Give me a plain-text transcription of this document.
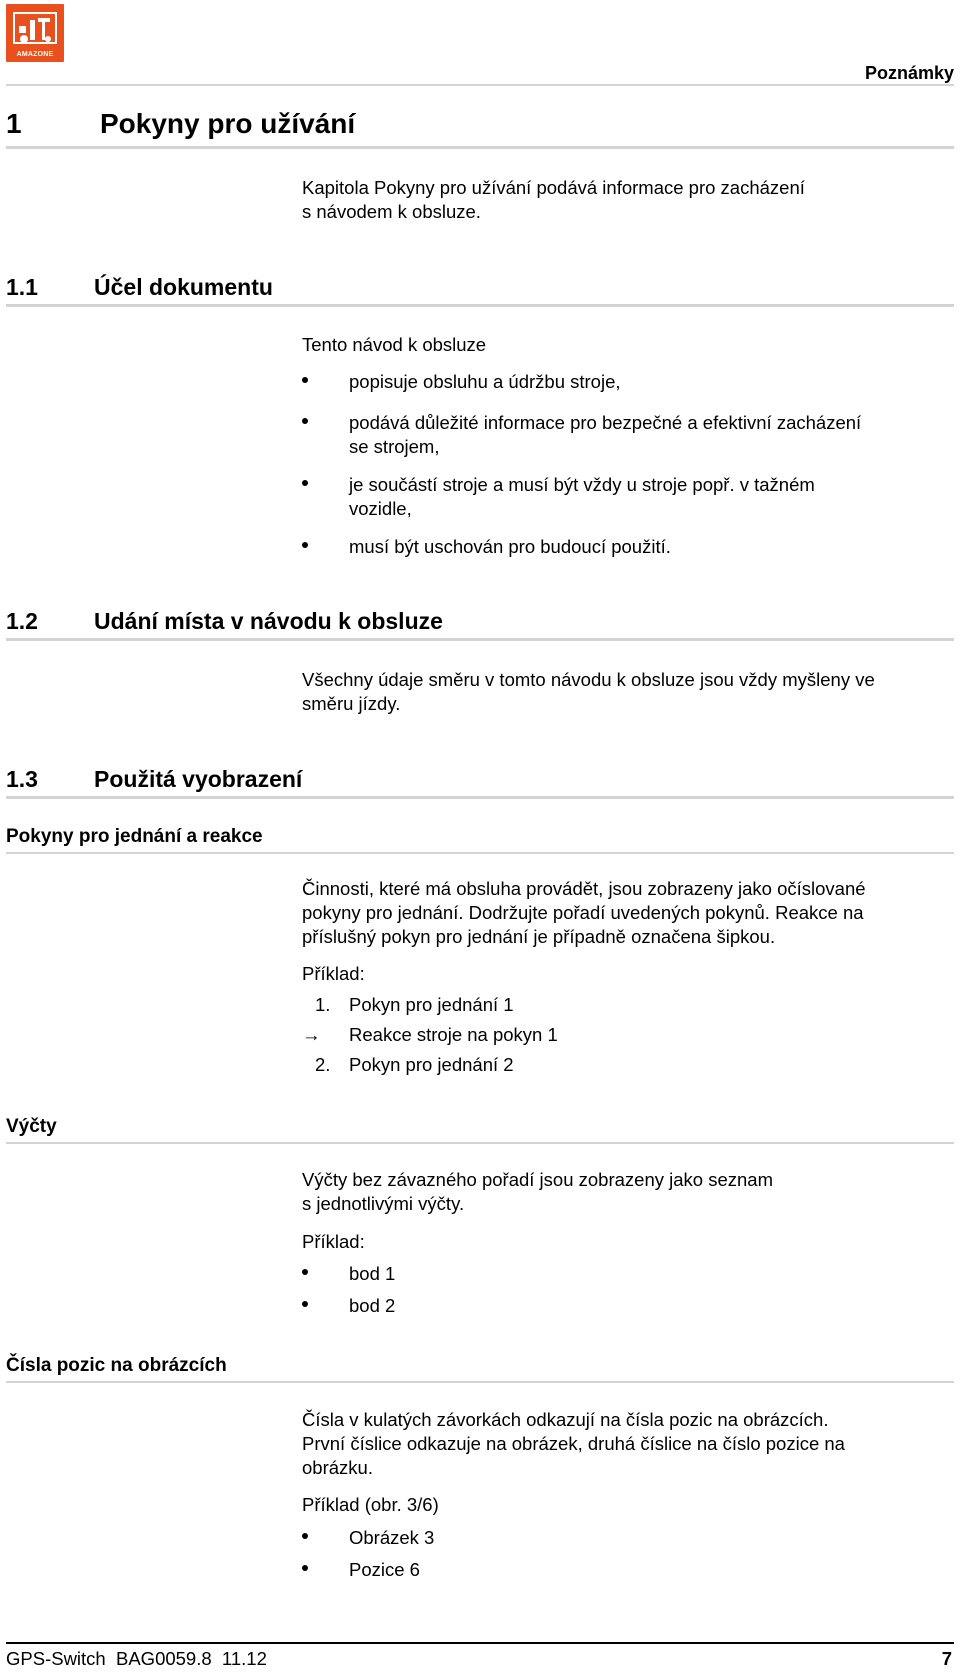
AMAZONE
Poznámky
1	Pokyny pro užívání
Kapitola Pokyny pro užívání podává informace pro zacházení
s návodem k obsluze.
1.1 Účel dokumentu
Tento návod k obsluze
popisuje obsluhu a údržbu stroje,
podává důležité informace pro bezpečné a efektivní zacházení
se strojem,
je součástí stroje a musí být vždy u stroje popř. v tažném
vozidle,
musí být uschován pro budoucí použití.
1.2 Udání místa v návodu k obsluze
Všechny údaje směru v tomto návodu k obsluze jsou vždy myšleny ve
směru jízdy.
1.3 Použitá vyobrazení
Pokyny pro jednání a reakce
Činnosti, které má obsluha provádět, jsou zobrazeny jako očíslované
pokyny pro jednání. Dodržujte pořadí uvedených pokynů. Reakce na
příslušný pokyn pro jednání je případně označena šipkou.
Příklad:
1. Pokyn pro jednání 1
→ Reakce stroje na pokyn 1
2. Pokyn pro jednání 2
Výčty
Výčty bez závazného pořadí jsou zobrazeny jako seznam
s jednotlivými výčty.
Příklad:
bod 1
bod 2
Čísla pozic na obrázcích
Čísla v kulatých závorkách odkazují na čísla pozic na obrázcích.
První číslice odkazuje na obrázek, druhá číslice na číslo pozice na
obrázku.
Příklad (obr. 3/6)
Obrázek 3
Pozice 6
GPS-Switch  BAG0059.8  11.12	7
